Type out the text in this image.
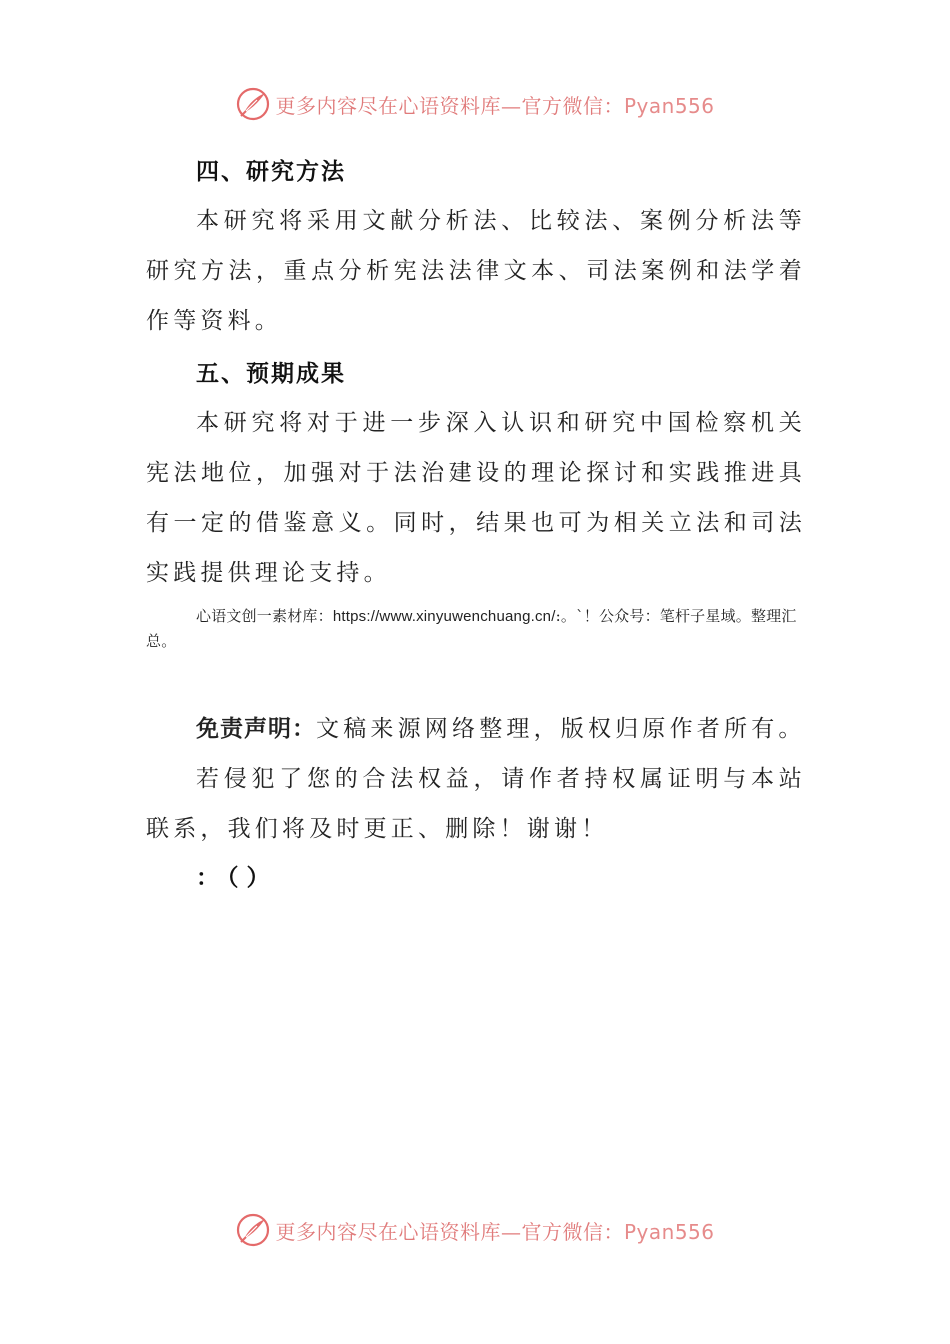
更多内容尽在心语资料库—官方微信：Pyan556
四、研究方法

本研究将采用文献分析法、比较法、案例分析法等研究方法，重点分析宪法法律文本、司法案例和法学着作等资料。

五、预期成果

本研究将对于进一步深入认识和研究中国检察机关宪法地位，加强对于法治建设的理论探讨和实践推进具有一定的借鉴意义。同时，结果也可为相关立法和司法实践提供理论支持。

心语文创一素材库：https://www.xinyuwenchuang.cn/:。`！公众号：笔杆子星域。整理汇总。

免责声明：文稿来源网络整理，版权归原作者所有。

若侵犯了您的合法权益，请作者持权属证明与本站联系，我们将及时更正、删除！谢谢！

：（）

更多内容尽在心语资料库—官方微信：Pyan556
